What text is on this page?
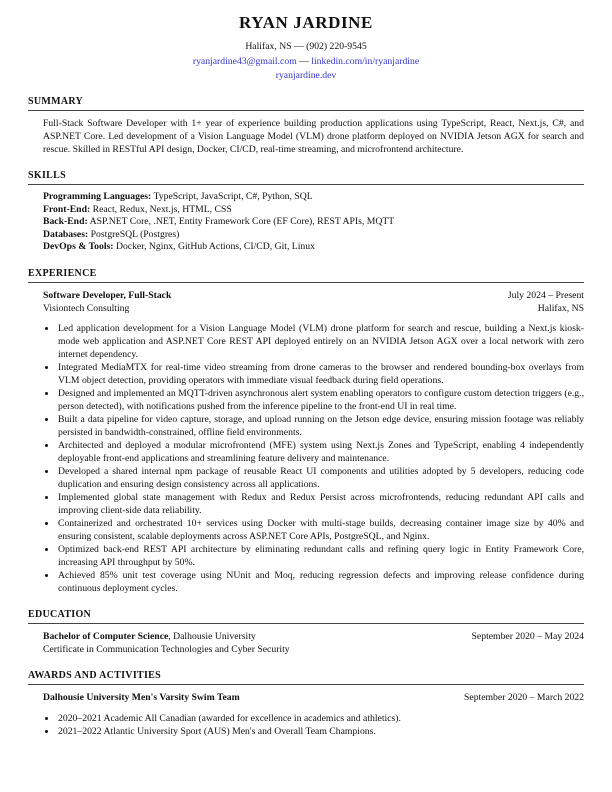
RYAN JARDINE
Halifax, NS — (902) 220-9545
ryanjardine43@gmail.com — linkedin.com/in/ryanjardine
ryanjardine.dev
SUMMARY
Full-Stack Software Developer with 1+ year of experience building production applications using TypeScript, React, Next.js, C#, and ASP.NET Core. Led development of a Vision Language Model (VLM) drone platform deployed on NVIDIA Jetson AGX for search and rescue. Skilled in RESTful API design, Docker, CI/CD, real-time streaming, and microfrontend architecture.
SKILLS
Programming Languages: TypeScript, JavaScript, C#, Python, SQL
Front-End: React, Redux, Next.js, HTML, CSS
Back-End: ASP.NET Core, .NET, Entity Framework Core (EF Core), REST APIs, MQTT
Databases: PostgreSQL (Postgres)
DevOps & Tools: Docker, Nginx, GitHub Actions, CI/CD, Git, Linux
EXPERIENCE
Software Developer, Full-Stack	July 2024 – Present
Visiontech Consulting	Halifax, NS
• Led application development for a Vision Language Model (VLM) drone platform for search and rescue, building a Next.js kiosk-mode web application and ASP.NET Core REST API deployed entirely on an NVIDIA Jetson AGX over a local network with zero internet dependency.
• Integrated MediaMTX for real-time video streaming from drone cameras to the browser and rendered bounding-box overlays from VLM object detection, providing operators with immediate visual feedback during field operations.
• Designed and implemented an MQTT-driven asynchronous alert system enabling operators to configure custom detection triggers (e.g., person detected), with notifications pushed from the inference pipeline to the front-end UI in real time.
• Built a data pipeline for video capture, storage, and upload running on the Jetson edge device, ensuring mission footage was reliably persisted in bandwidth-constrained, offline field environments.
• Architected and deployed a modular microfrontend (MFE) system using Next.js Zones and TypeScript, enabling 4 independently deployable front-end applications and streamlining feature delivery and maintenance.
• Developed a shared internal npm package of reusable React UI components and utilities adopted by 5 developers, reducing code duplication and ensuring design consistency across all applications.
• Implemented global state management with Redux and Redux Persist across microfrontends, reducing redundant API calls and improving client-side data reliability.
• Containerized and orchestrated 10+ services using Docker with multi-stage builds, decreasing container image size by 40% and ensuring consistent, scalable deployments across ASP.NET Core APIs, PostgreSQL, and Nginx.
• Optimized back-end REST API architecture by eliminating redundant calls and refining query logic in Entity Framework Core, increasing API throughput by 50%.
• Achieved 85% unit test coverage using NUnit and Moq, reducing regression defects and improving release confidence during continuous deployment cycles.
EDUCATION
Bachelor of Computer Science, Dalhousie University	September 2020 – May 2024
Certificate in Communication Technologies and Cyber Security
AWARDS AND ACTIVITIES
Dalhousie University Men's Varsity Swim Team	September 2020 – March 2022
• 2020–2021 Academic All Canadian (awarded for excellence in academics and athletics).
• 2021–2022 Atlantic University Sport (AUS) Men's and Overall Team Champions.
